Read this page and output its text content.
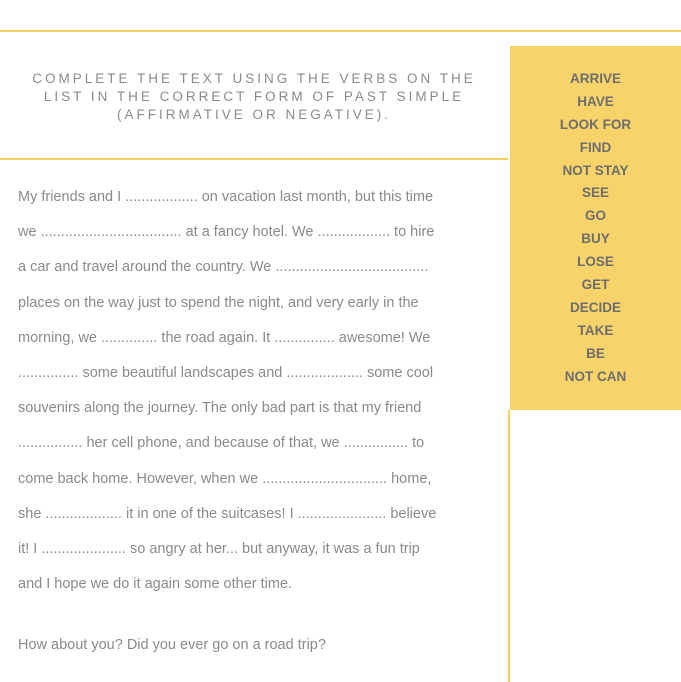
COMPLETE THE TEXT USING THE VERBS ON THE
LIST IN THE CORRECT FORM OF PAST SIMPLE
(AFFIRMATIVE OR NEGATIVE).
ARRIVE
HAVE
LOOK FOR
FIND
NOT STAY
SEE
GO
BUY
LOSE
GET
DECIDE
TAKE
BE
NOT CAN
My friends and I .................. on vacation last month, but this time
we ................................... at a fancy hotel. We .................. to hire
a car and travel around the country. We ......................................
places on the way just to spend the night, and very early in the
morning, we .............. the road again. It ............... awesome! We
............... some beautiful landscapes and ................... some cool
souvenirs along the journey. The only bad part is that my friend
................ her cell phone, and because of that, we ................ to
come back home. However, when we ............................... home,
she ................... it in one of the suitcases! I ...................... believe
it! I ..................... so angry at her... but anyway, it was a fun trip
and I hope we do it again some other time.
How about you? Did you ever go on a road trip?
